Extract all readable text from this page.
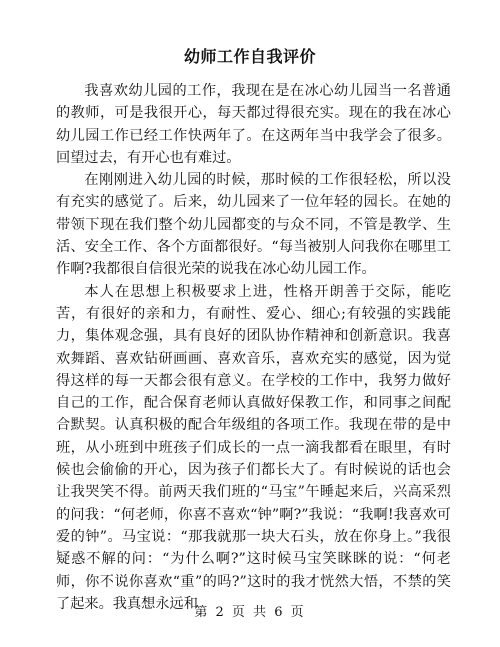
幼师工作自我评价

我喜欢幼儿园的工作，我现在是在冰心幼儿园当一名普通的教师，可是我很开心，每天都过得很充实。现在的我在冰心幼儿园工作已经工作快两年了。在这两年当中我学会了很多。回望过去，有开心也有难过。

在刚刚进入幼儿园的时候，那时候的工作很轻松，所以没有充实的感觉了。后来，幼儿园来了一位年轻的园长。在她的带领下现在我们整个幼儿园都变的与众不同，不管是教学、生活、安全工作、各个方面都很好。“每当被别人问我你在哪里工作啊?我都很自信很光荣的说我在冰心幼儿园工作。

本人在思想上积极要求上进，性格开朗善于交际，能吃苦，有很好的亲和力，有耐性、爱心、细心;有较强的实践能力，集体观念强，具有良好的团队协作精神和创新意识。我喜欢舞蹈、喜欢钻研画画、喜欢音乐，喜欢充实的感觉，因为觉得这样的每一天都会很有意义。在学校的工作中，我努力做好自己的工作，配合保育老师认真做好保教工作，和同事之间配合默契。认真积极的配合年级组的各项工作。我现在带的是中班，从小班到中班孩子们成长的一点一滴我都看在眼里，有时候也会偷偷的开心，因为孩子们都长大了。有时候说的话也会让我哭笑不得。前两天我们班的“马宝”午睡起来后，兴高采烈的问我：“何老师，你喜不喜欢“钟”啊?”我说：“我啊!我喜欢可爱的钟”。马宝说：“那我就那一块大石头，放在你身上。”我很疑惑不解的问：“为什么啊?”这时候马宝笑眯眯的说：“何老师，你不说你喜欢“重”的吗?”这时的我才恍然大悟，不禁的笑了起来。我真想永远和

第 2 页 共 6 页
